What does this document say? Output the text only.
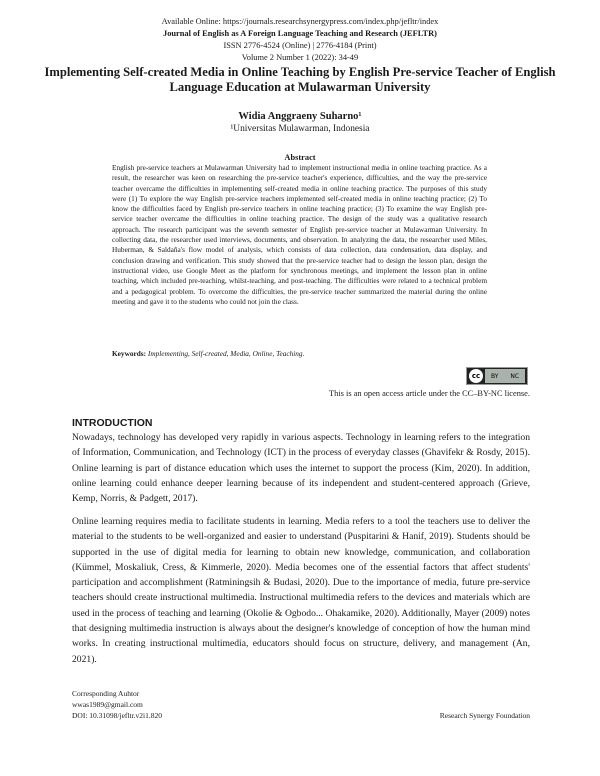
Available Online: https://journals.researchsynergypress.com/index.php/jefltr/index
Journal of English as A Foreign Language Teaching and Research (JEFLTR)
ISSN 2776-4524 (Online) | 2776-4184 (Print)
Volume 2 Number 1 (2022): 34-49
Implementing Self-created Media in Online Teaching by English Pre-service Teacher of English Language Education at Mulawarman University
Widia Anggraeny Suharno¹
¹Universitas Mulawarman, Indonesia
Abstract
English pre-service teachers at Mulawarman University had to implement instructional media in online teaching practice. As a result, the researcher was keen on researching the pre-service teacher's experience, difficulties, and the way the pre-service teacher overcame the difficulties in implementing self-created media in online teaching practice. The purposes of this study were (1) To explore the way English pre-service teachers implemented self-created media in online teaching practice; (2) To know the difficulties faced by English pre-service teachers in online teaching practice; (3) To examine the way English pre-service teacher overcame the difficulties in online teaching practice. The design of the study was a qualitative research approach. The research participant was the seventh semester of English pre-service teacher at Mulawarman University. In collecting data, the researcher used interviews, documents, and observation. In analyzing the data, the researcher used Miles, Huberman, & Saldaña's flow model of analysis, which consists of data collection, data condensation, data display, and conclusion drawing and verification. This study showed that the pre-service teacher had to design the lesson plan, design the instructional video, use Google Meet as the platform for synchronous meetings, and implement the lesson plan in online teaching, which included pre-teaching, whilst-teaching, and post-teaching. The difficulties were related to a technical problem and a pedagogical problem. To overcome the difficulties, the pre-service teacher summarized the material during the online meeting and gave it to the students who could not join the class.
Keywords: Implementing, Self-created, Media, Online, Teaching.
cc	BY NC
This is an open access article under the CC–BY-NC license.
INTRODUCTION
Nowadays, technology has developed very rapidly in various aspects. Technology in learning refers to the integration of Information, Communication, and Technology (ICT) in the process of everyday classes (Ghavifekr & Rosdy, 2015). Online learning is part of distance education which uses the internet to support the process (Kim, 2020). In addition, online learning could enhance deeper learning because of its independent and student-centered approach (Grieve, Kemp, Norris, & Padgett, 2017).
Online learning requires media to facilitate students in learning. Media refers to a tool the teachers use to deliver the material to the students to be well-organized and easier to understand (Puspitarini & Hanif, 2019). Students should be supported in the use of digital media for learning to obtain new knowledge, communication, and collaboration (Kümmel, Moskaliuk, Cress, & Kimmerle, 2020). Media becomes one of the essential factors that affect students' participation and accomplishment (Ratminingsih & Budasi, 2020). Due to the importance of media, future pre-service teachers should create instructional multimedia. Instructional multimedia refers to the devices and materials which are used in the process of teaching and learning (Okolie & Ogbodo... Ohakamike, 2020). Additionally, Mayer (2009) notes that designing multimedia instruction is always about the designer's knowledge of conception of how the human mind works. In creating instructional multimedia, educators should focus on structure, delivery, and management (An, 2021).
Corresponding Auhtor
wwas1989@gmail.com
DOI: 10.31098/jefltr.v2i1.820	Research Synergy Foundation
